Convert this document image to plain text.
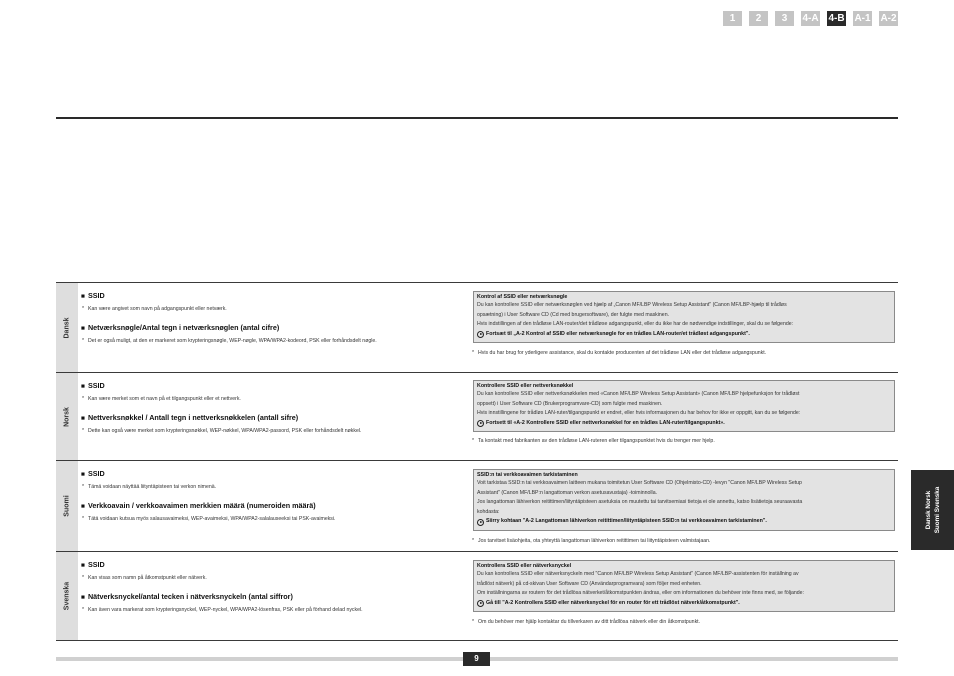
1	2	3	4-A 4-B A-1 A-2
Dansk
■ SSID
* Kan være angivet som navn på adgangspunkt eller netværk.
■ Netværksnøgle/Antal tegn i netværksnøglen (antal cifre)
* Det er også muligt, at den er markeret som krypteringsnøgle, WEP-nøgle, WPA/WPA2-kodeord, PSK eller forhåndsdelt nøgle.
Kontrol af SSID eller netværksnøgle
Du kan kontrollere SSID eller netværksnøglen ved hjælp af „Canon MF/LBP Wireless Setup Assistant" (Canon MF/LBP-hjælp til trådløs
opsætning) i User Software CD (Cd med brugersoftware), der fulgte med maskinen.
Hvis indstillingen af den trådløse LAN-router/det trådløse adgangspunkt, eller du ikke har de nødvendige indstillinger, skal du se følgende:
Fortsæt til „A-2 Kontrol af SSID eller netværksnøgle for en trådløs LAN-router/et trådløst adgangspunkt".
* Hvis du har brug for yderligere assistance, skal du kontakte producenten af det trådløse LAN eller det trådløse adgangspunkt.
Norsk
■ SSID
* Kan være merket som et navn på et tilgangspunkt eller et nettverk.
■ Nettverksnøkkel / Antall tegn i nettverksnøkkelen (antall sifre)
* Dette kan også være merket som krypteringsnøkkel, WEP-nøkkel, WPA/WPA2-passord, PSK eller forhåndsdelt nøkkel.
Kontrollere SSID eller nettverksnøkkel
Du kan kontrollere SSID eller nettverksnøkkelen med «Canon MF/LBP Wireless Setup Assistant» (Canon MF/LBP hjelpefunksjon for trådløst
oppsett) i User Software CD (Brukerprogramvare-CD) som fulgte med maskinen.
Hvis innstillingene for trådløs LAN-ruter/tilgangspunkt er endret, eller hvis informasjonen du har behov for ikke er oppgitt, kan du se følgende:
Fortsett til «A-2 Kontrollere SSID eller nettverksnøkkel for en trådløs LAN-ruter/tilgangspunkt».
* Ta kontakt med fabrikanten av den trådløse LAN-ruteren eller tilgangspunktet hvis du trenger mer hjelp.
Suomi
■ SSID
* Tämä voidaan näyttää liityntäpisteen tai verkon nimenä.
■ Verkkoavain / verkkoavaimen merkkien määrä (numeroiden määrä)
* Tätä voidaan kutsua myös salausavaimeksi, WEP-avaimeksi, WPA/WPA2-salalauseeksi tai PSK-avaimeksi.
SSID:n tai verkkoavaimen tarkistaminen
Voit tarkistaa SSID:n tai verkkoavaimen laitteen mukana toimitetun User Software CD (Ohjelmisto-CD) -levyn "Canon MF/LBP Wireless Setup
Assistant" (Canon MF/LBP:n langattoman verkon asetusavustaja) -toiminnolla.
Jos langattoman lähiverkon reitittimen/liityntäpisteen asetuksia on muutettu tai tarvitsemiasi tietoja ei ole annettu, katso lisätietoja seuraavasta
kohdasta:
Siirry kohtaan "A-2 Langattoman lähiverkon reitittimen/liityntäpisteen SSID:n tai verkkoavaimen tarkistaminen".
* Jos tarvitset lisäohjeita, ota yhteyttä langattoman lähiverkon reitittimen tai liityntäpisteen valmistajaan.
Svenska
■ SSID
* Kan visas som namn på åtkomstpunkt eller nätverk.
■ Nätverksnyckel/antal tecken i nätverksnyckeln (antal siffror)
* Kan även vara markerat som krypteringsnyckel, WEP-nyckel, WPA/WPA2-lösenfras, PSK eller på förhand delad nyckel.
Kontrollera SSID eller nätverksnyckel
Du kan kontrollera SSID eller nätverksnyckeln med "Canon MF/LBP Wireless Setup Assistant" (Canon MF/LBP-assistenten för inställning av
trådlöst nätverk) på cd-skivan User Software CD (Användarprogramvara) som följer med enheten.
Om inställningarna av routern för det trådlösa nätverket/åtkomstpunkten ändras, eller om informationen du behöver inte finns med, se följande:
Gå till "A-2 Kontrollera SSID eller nätverksnyckel för en router för ett trådlöst nätverk/åtkomstpunkt".
* Om du behöver mer hjälp kontaktar du tillverkaren av ditt trådlösa nätverk eller din åtkomstpunkt.
Dansk Norsk Suomi Svenska
9
